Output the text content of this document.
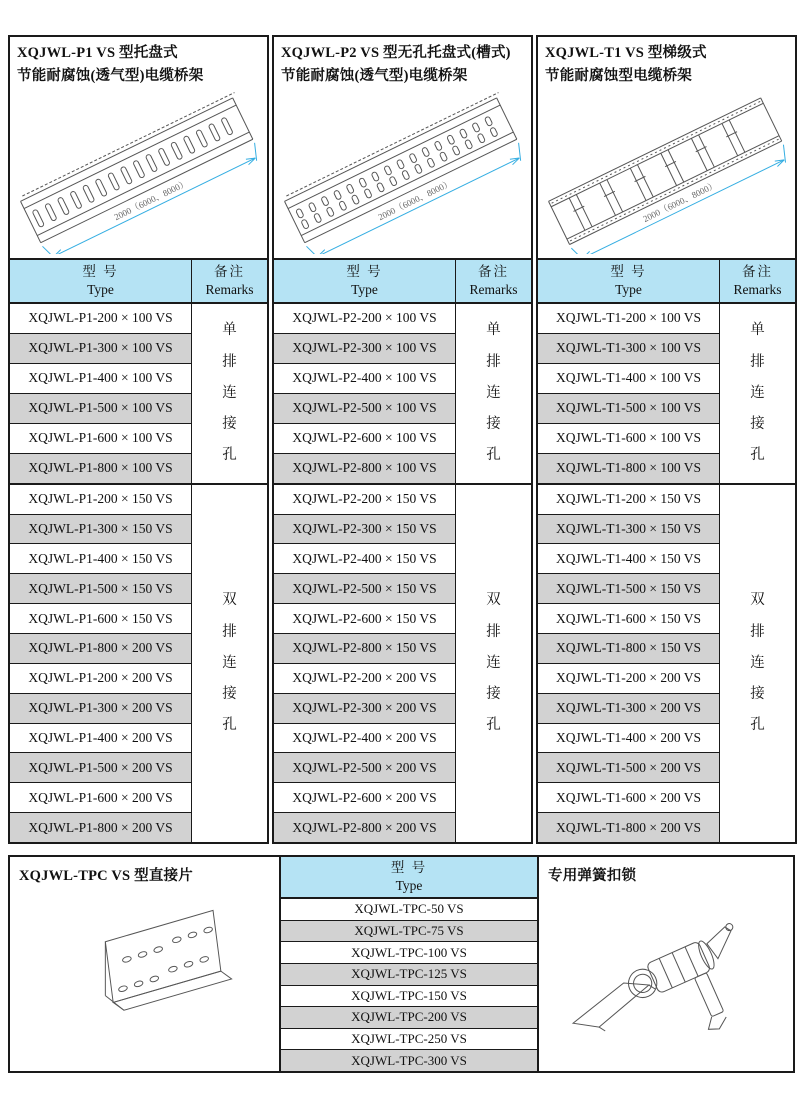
XQJWL-P1 VS 型托盘式
节能耐腐蚀(透气型)电缆桥架
2000（6000、8000）
型 号
Type
备注
Remarks
XQJWL-P1-200 × 100 VS
XQJWL-P1-300 × 100 VS
XQJWL-P1-400 × 100 VS
XQJWL-P1-500 × 100 VS
XQJWL-P1-600 × 100 VS
XQJWL-P1-800 × 100 VS
XQJWL-P1-200 × 150 VS
XQJWL-P1-300 × 150 VS
XQJWL-P1-400 × 150 VS
XQJWL-P1-500 × 150 VS
XQJWL-P1-600 × 150 VS
XQJWL-P1-800 × 200 VS
XQJWL-P1-200 × 200 VS
XQJWL-P1-300 × 200 VS
XQJWL-P1-400 × 200 VS
XQJWL-P1-500 × 200 VS
XQJWL-P1-600 × 200 VS
XQJWL-P1-800 × 200 VS
单排连接孔
双排连接孔
XQJWL-P2 VS 型无孔托盘式(槽式)
节能耐腐蚀(透气型)电缆桥架
2000（6000、8000）
型 号
Type
备注
Remarks
XQJWL-P2-200 × 100 VS
XQJWL-P2-300 × 100 VS
XQJWL-P2-400 × 100 VS
XQJWL-P2-500 × 100 VS
XQJWL-P2-600 × 100 VS
XQJWL-P2-800 × 100 VS
XQJWL-P2-200 × 150 VS
XQJWL-P2-300 × 150 VS
XQJWL-P2-400 × 150 VS
XQJWL-P2-500 × 150 VS
XQJWL-P2-600 × 150 VS
XQJWL-P2-800 × 150 VS
XQJWL-P2-200 × 200 VS
XQJWL-P2-300 × 200 VS
XQJWL-P2-400 × 200 VS
XQJWL-P2-500 × 200 VS
XQJWL-P2-600 × 200 VS
XQJWL-P2-800 × 200 VS
单排连接孔
双排连接孔
XQJWL-T1 VS 型梯级式
节能耐腐蚀型电缆桥架
2000（6000、8000）
型 号
Type
备注
Remarks
XQJWL-T1-200 × 100 VS
XQJWL-T1-300 × 100 VS
XQJWL-T1-400 × 100 VS
XQJWL-T1-500 × 100 VS
XQJWL-T1-600 × 100 VS
XQJWL-T1-800 × 100 VS
XQJWL-T1-200 × 150 VS
XQJWL-T1-300 × 150 VS
XQJWL-T1-400 × 150 VS
XQJWL-T1-500 × 150 VS
XQJWL-T1-600 × 150 VS
XQJWL-T1-800 × 150 VS
XQJWL-T1-200 × 200 VS
XQJWL-T1-300 × 200 VS
XQJWL-T1-400 × 200 VS
XQJWL-T1-500 × 200 VS
XQJWL-T1-600 × 200 VS
XQJWL-T1-800 × 200 VS
单排连接孔
双排连接孔
XQJWL-TPC VS 型直接片
型 号
Type
XQJWL-TPC-50 VS
XQJWL-TPC-75 VS
XQJWL-TPC-100 VS
XQJWL-TPC-125 VS
XQJWL-TPC-150 VS
XQJWL-TPC-200 VS
XQJWL-TPC-250 VS
XQJWL-TPC-300 VS
专用弹簧扣锁
